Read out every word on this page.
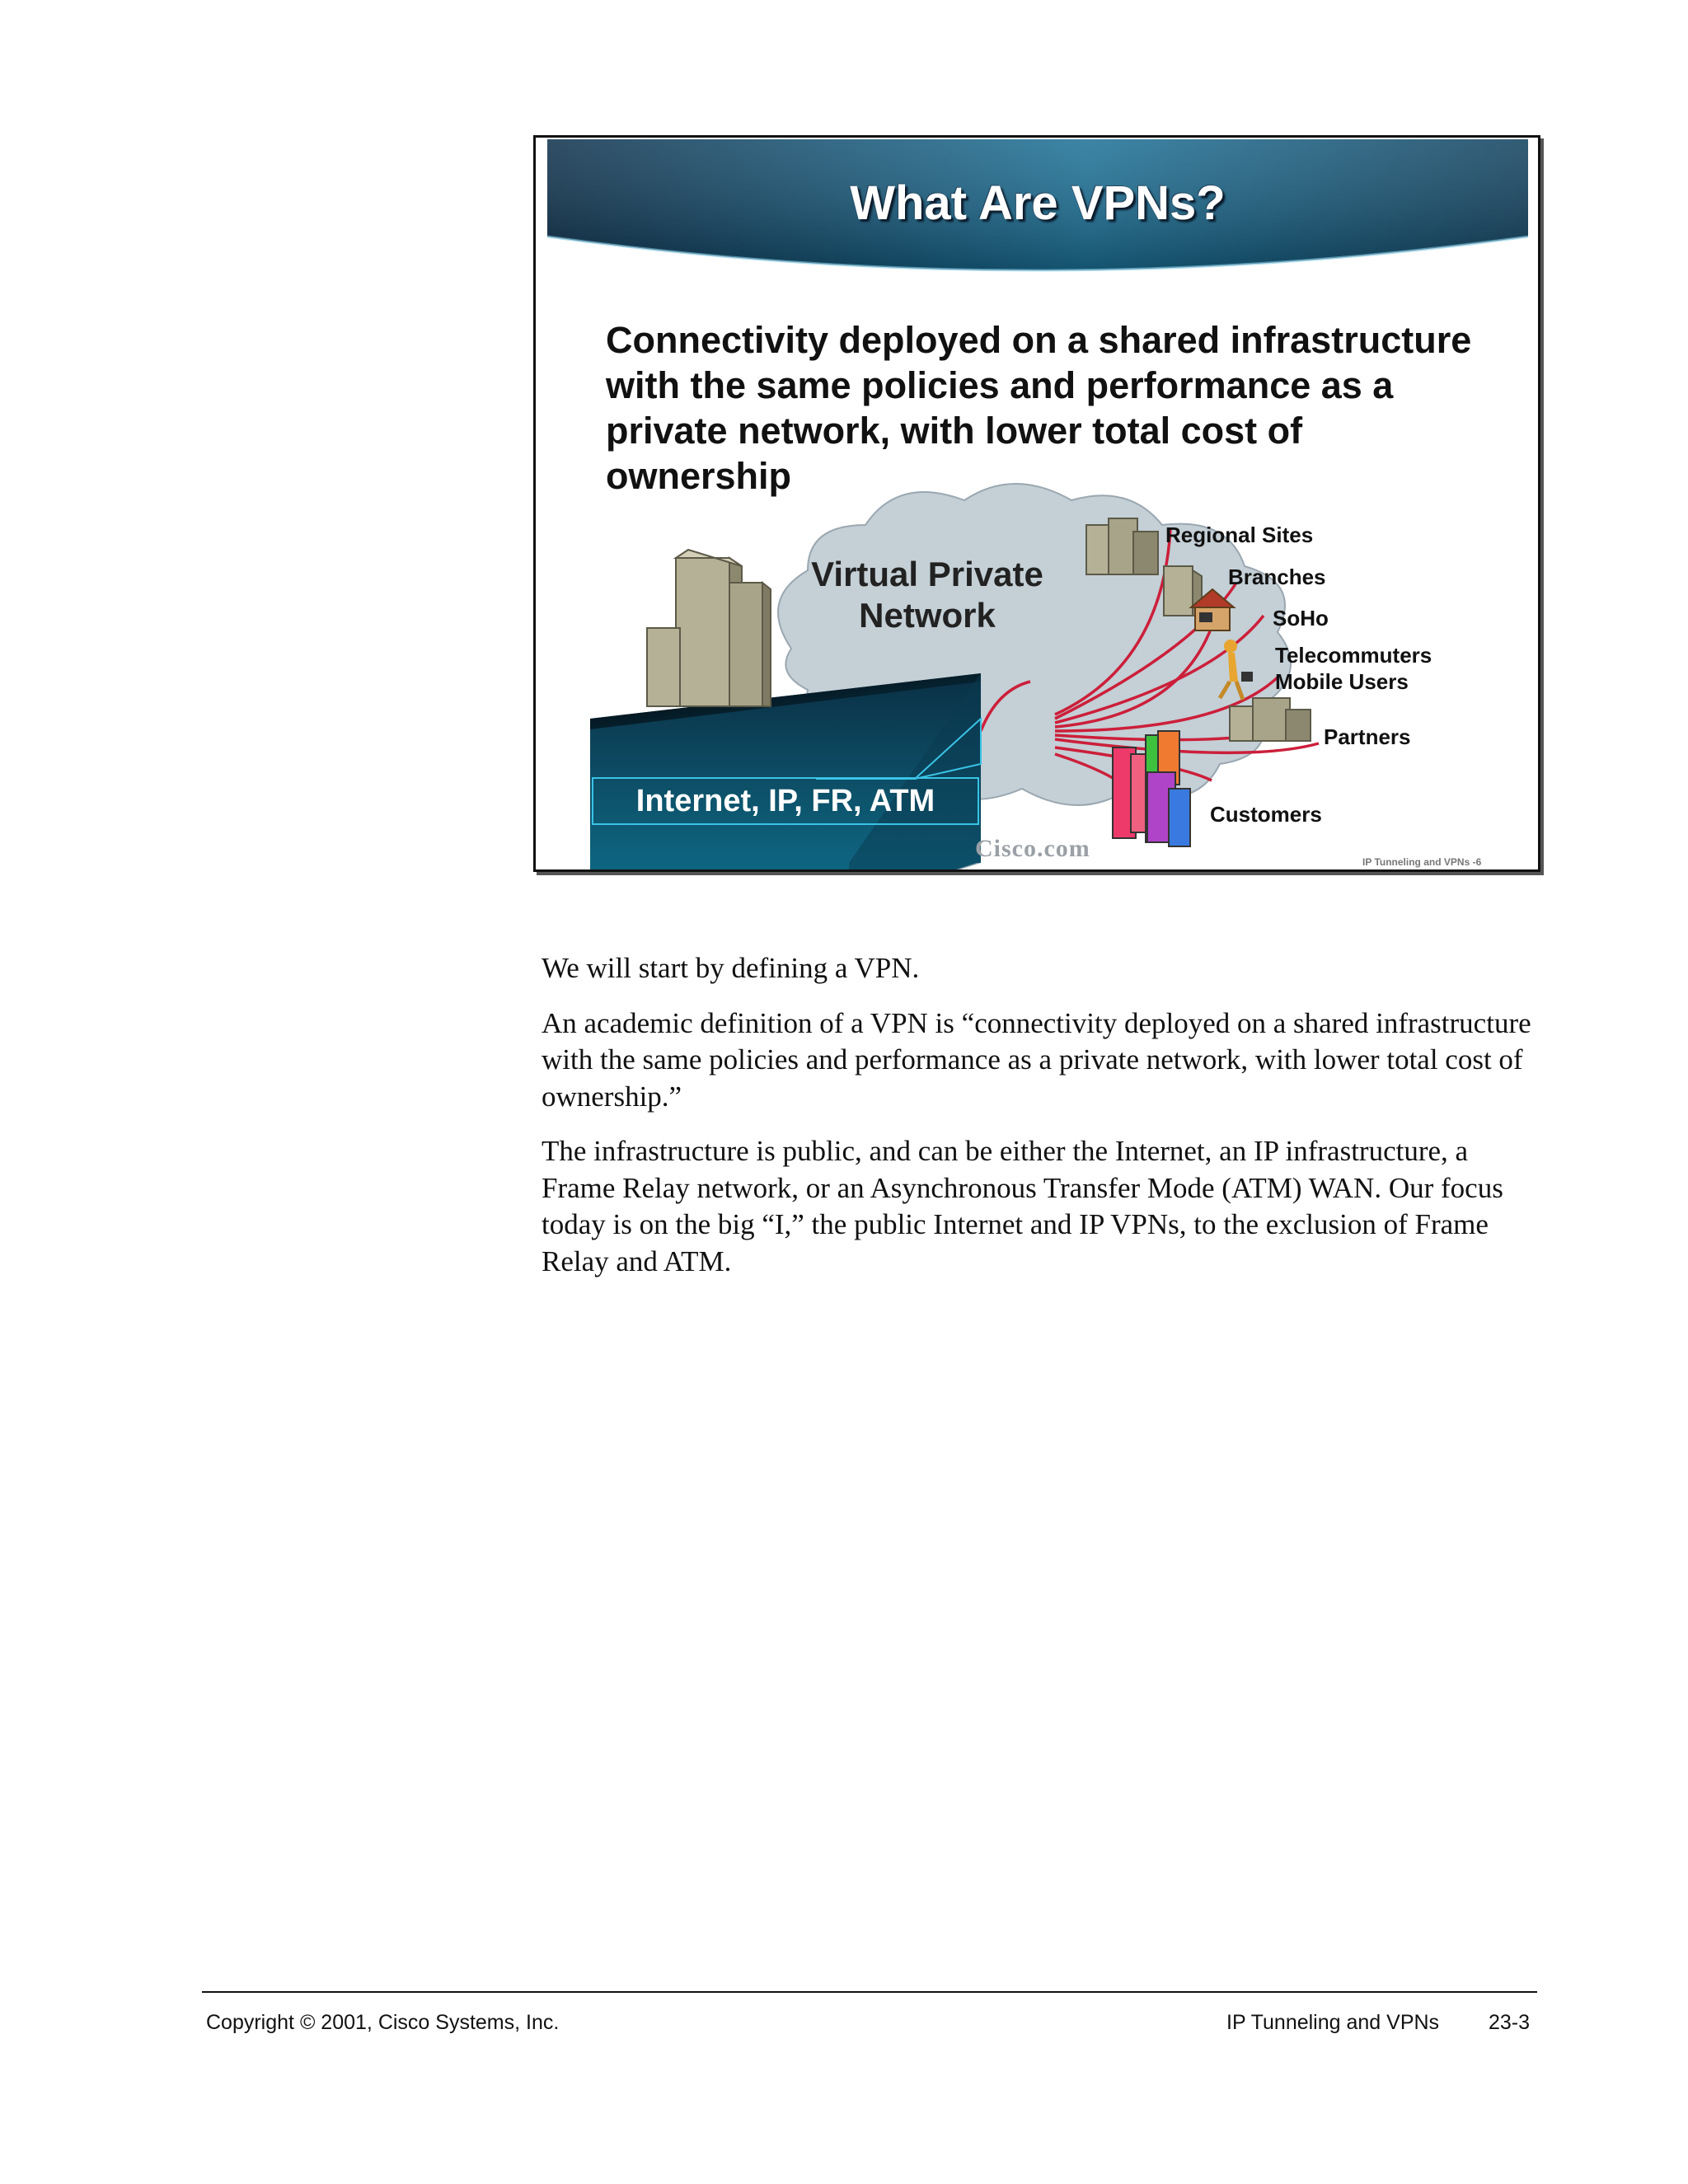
What Are VPNs?
Connectivity deployed on a shared infrastructure with the same policies and performance as a private network, with lower total cost of ownership
Virtual Private Network
Regional Sites
Branches
SoHo
Telecommuters
Mobile Users
Partners
Customers
Internet, IP, FR, ATM
Cisco.com	IP Tunneling and VPNs -6

We will start by defining a VPN.

An academic definition of a VPN is “connectivity deployed on a shared infrastructure with the same policies and performance as a private network, with lower total cost of ownership.”

The infrastructure is public, and can be either the Internet, an IP infrastructure, a Frame Relay network, or an Asynchronous Transfer Mode (ATM) WAN. Our focus today is on the big “I,” the public Internet and IP VPNs, to the exclusion of Frame Relay and ATM.

Copyright © 2001, Cisco Systems, Inc.	IP Tunneling and VPNs 23-3
